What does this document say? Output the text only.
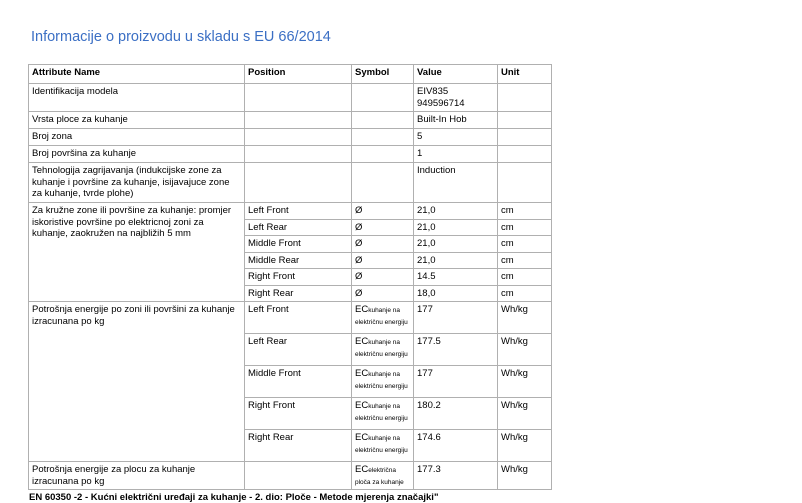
Informacije o proizvodu u skladu s EU 66/2014
Attribute Name	Position	Symbol	Value	Unit
Identifikacija modela			EIV835
949596714	

Vrsta ploce za kuhanje			Built-In Hob	
Broj zona			5	
Broj površina za kuhanje			1	
Tehnologija zagrijavanja (indukcijske zone za kuhanje i površine za kuhanje, isijavajuce zone za kuhanje, tvrde plohe)			Induction	
Za kružne zone ili površine za kuhanje: promjer iskoristive površine po elektricnoj zoni za kuhanje, zaokružen na najbližih 5 mm	Left Front	Ø	21,0	cm
	Left Rear	Ø	21,0	cm
	Middle Front	Ø	21,0	cm
	Middle Rear	Ø	21,0	cm
	Right Front	Ø	14.5	cm
	Right Rear	Ø	18,0	cm
Potrošnja energije po zoni ili površini za kuhanje izracunana po kg	Left Front	ECkuhanje na električnu energiju	177	Wh/kg
	Left Rear	ECkuhanje na električnu energiju	177.5	Wh/kg
	Middle Front	ECkuhanje na električnu energiju	177	Wh/kg
	Right Front	ECkuhanje na električnu energiju	180.2	Wh/kg
	Right Rear	ECkuhanje na električnu energiju	174.6	Wh/kg
Potrošnja energije za plocu za kuhanje izracunana po kg		ECelektrična ploča za kuhanje	177.3	Wh/kg
EN 60350 -2 - Kućni električni uređaji za kuhanje - 2. dio: Ploče - Metode mjerenja značajki"
